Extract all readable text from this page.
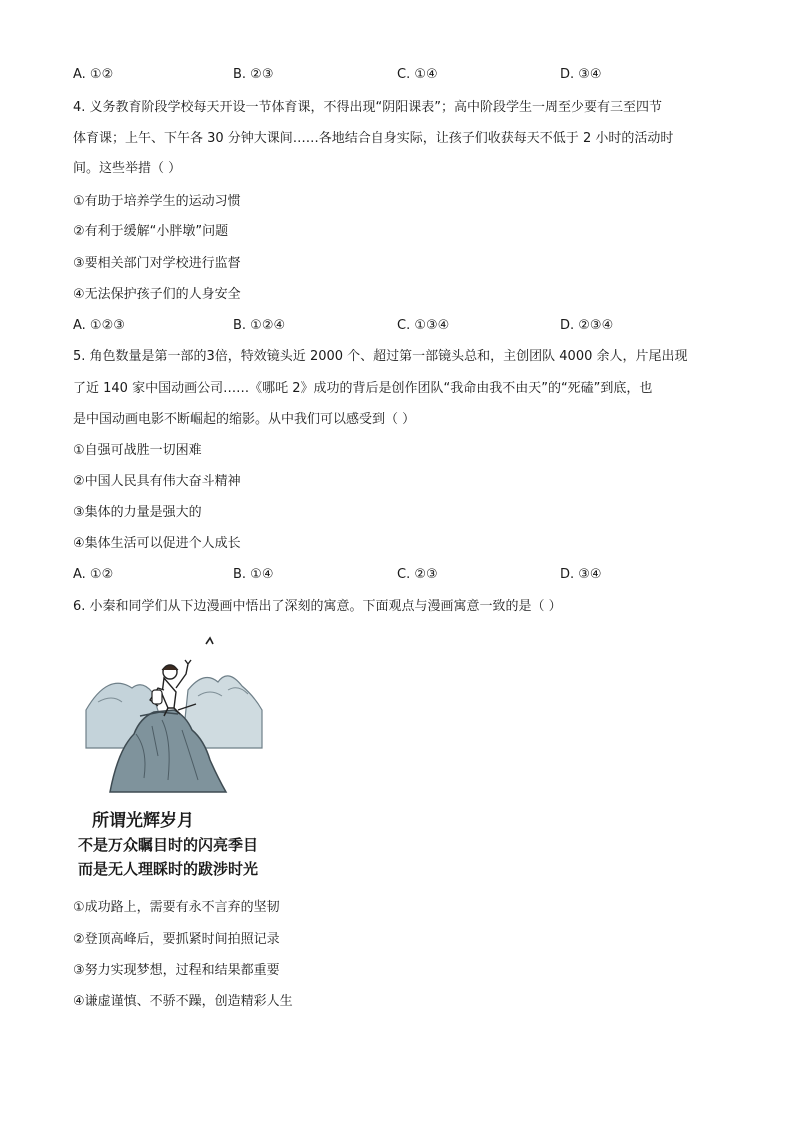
A. ①②	B. ②③	C. ①④	D. ③④
4. 义务教育阶段学校每天开设一节体育课，不得出现“阴阳课表”；高中阶段学生一周至少要有三至四节
体育课；上午、下午各 30 分钟大课间……各地结合自身实际，让孩子们收获每天不低于 2 小时的活动时
间。这些举措（ ）
①有助于培养学生的运动习惯
②有利于缓解“小胖墩”问题
③要相关部门对学校进行监督
④无法保护孩子们的人身安全
A. ①②③	B. ①②④	C. ①③④	D. ②③④
5. 角色数量是第一部的3倍，特效镜头近 2000 个、超过第一部镜头总和，主创团队 4000 余人，片尾出现
了近 140 家中国动画公司……《哪吒 2》成功的背后是创作团队“我命由我不由天”的“死磕”到底，也
是中国动画电影不断崛起的缩影。从中我们可以感受到（ ）
①自强可战胜一切困难
②中国人民具有伟大奋斗精神
③集体的力量是强大的
④集体生活可以促进个人成长
A. ①②	B. ①④	C. ②③	D. ③④
6. 小秦和同学们从下边漫画中悟出了深刻的寓意。下面观点与漫画寓意一致的是（ ）
所谓光辉岁月
不是万众瞩目时的闪亮季目
而是无人理睬时的跋涉时光
①成功路上，需要有永不言弃的坚韧
②登顶高峰后，要抓紧时间拍照记录
③努力实现梦想，过程和结果都重要
④谦虚谨慎、不骄不躁，创造精彩人生
